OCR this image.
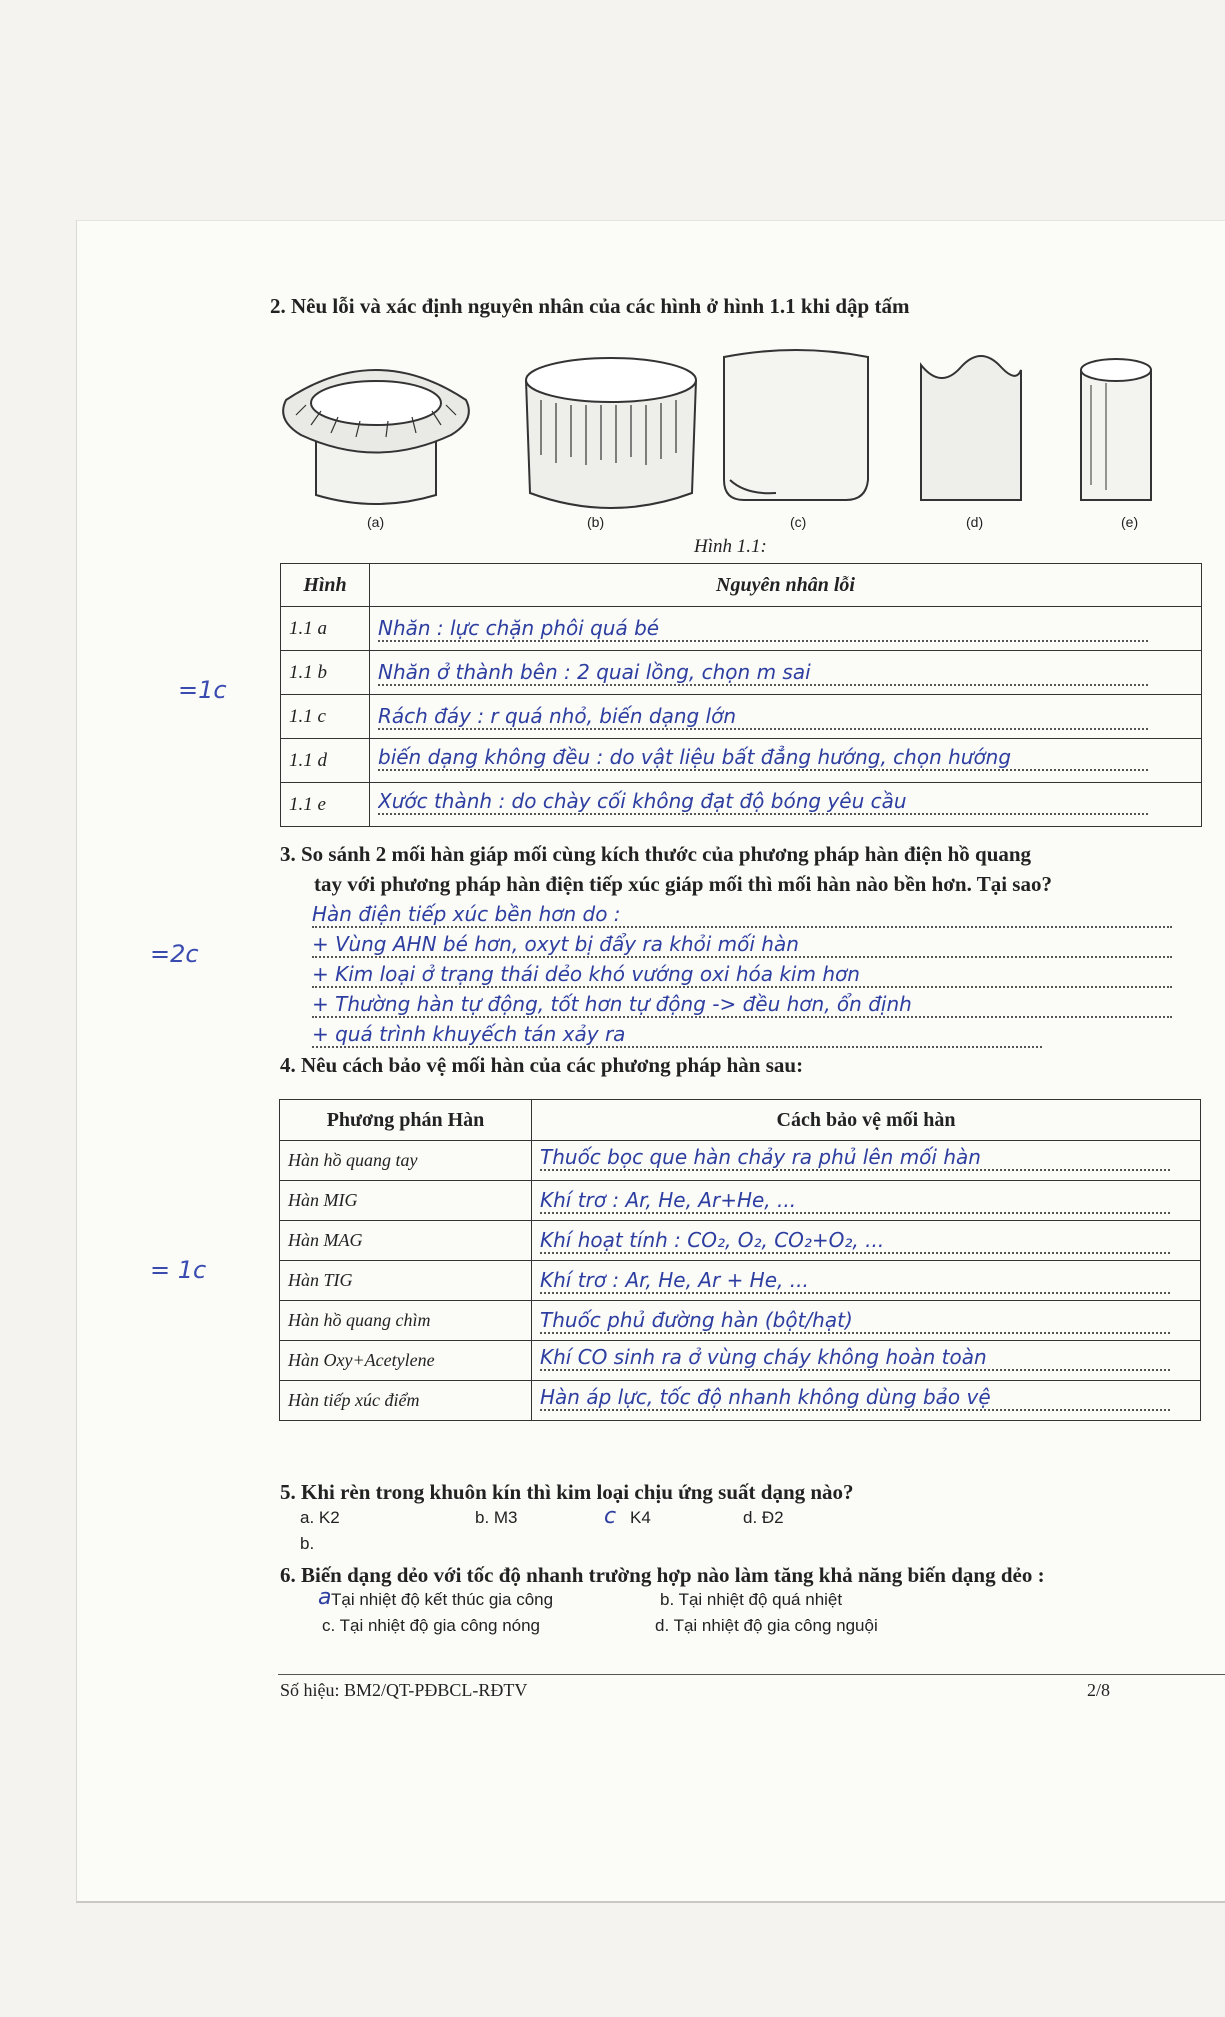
2. Nêu lỗi và xác định nguyên nhân của các hình ở hình 1.1 khi dập tấm
(a)	(b)	(c)	(d)	(e)
Hình 1.1:
Hình	Nguyên nhân lỗi
1.1 a	Nhăn : lực chặn phôi quá bé
1.1 b	Nhăn ở thành bên : 2 quai lồng, chọn m sai
1.1 c	Rách đáy : r quá nhỏ, biến dạng lớn
1.1 d	biến dạng không đều : do vật liệu bất đẳng hướng, chọn hướng
1.1 e	Xước thành : do chày cối không đạt độ bóng yêu cầu
=1c
3. So sánh 2 mối hàn giáp mối cùng kích thước của phương pháp hàn điện hồ quang
tay với phương pháp hàn điện tiếp xúc giáp mối thì mối hàn nào bền hơn. Tại sao?
Hàn điện tiếp xúc bền hơn do :
+ Vùng AHN bé hơn, oxyt bị đẩy ra khỏi mối hàn
+ Kim loại ở trạng thái dẻo khó vướng oxi hóa kim hơn
+ Thường hàn tự động, tốt hơn tự động -> đều hơn, ổn định
+ quá trình khuyếch tán xảy ra
=2c
4. Nêu cách bảo vệ mối hàn của các phương pháp hàn sau:
Phương phán Hàn	Cách bảo vệ mối hàn
Hàn hồ quang tay	Thuốc bọc que hàn chảy ra phủ lên mối hàn
Hàn MIG	Khí trơ : Ar, He, Ar+He, ...
Hàn MAG	Khí hoạt tính : CO₂, O₂, CO₂+O₂, ...
Hàn TIG	Khí trơ : Ar, He, Ar + He, ...
Hàn hồ quang chìm	Thuốc phủ đường hàn (bột/hạt)
Hàn Oxy+Acetylene	Khí CO sinh ra ở vùng cháy không hoàn toàn
Hàn tiếp xúc điểm	Hàn áp lực, tốc độ nhanh không dùng bảo vệ
= 1c
5. Khi rèn trong khuôn kín thì kim loại chịu ứng suất dạng nào?
a. K2	b. M3	c K4	d. Đ2
b.
6. Biến dạng dẻo với tốc độ nhanh trường hợp nào làm tăng khả năng biến dạng dẻo :
a Tại nhiệt độ kết thúc gia công	b. Tại nhiệt độ quá nhiệt
c. Tại nhiệt độ gia công nóng	d. Tại nhiệt độ gia công nguội
Số hiệu: BM2/QT-PĐBCL-RĐTV	2/8
